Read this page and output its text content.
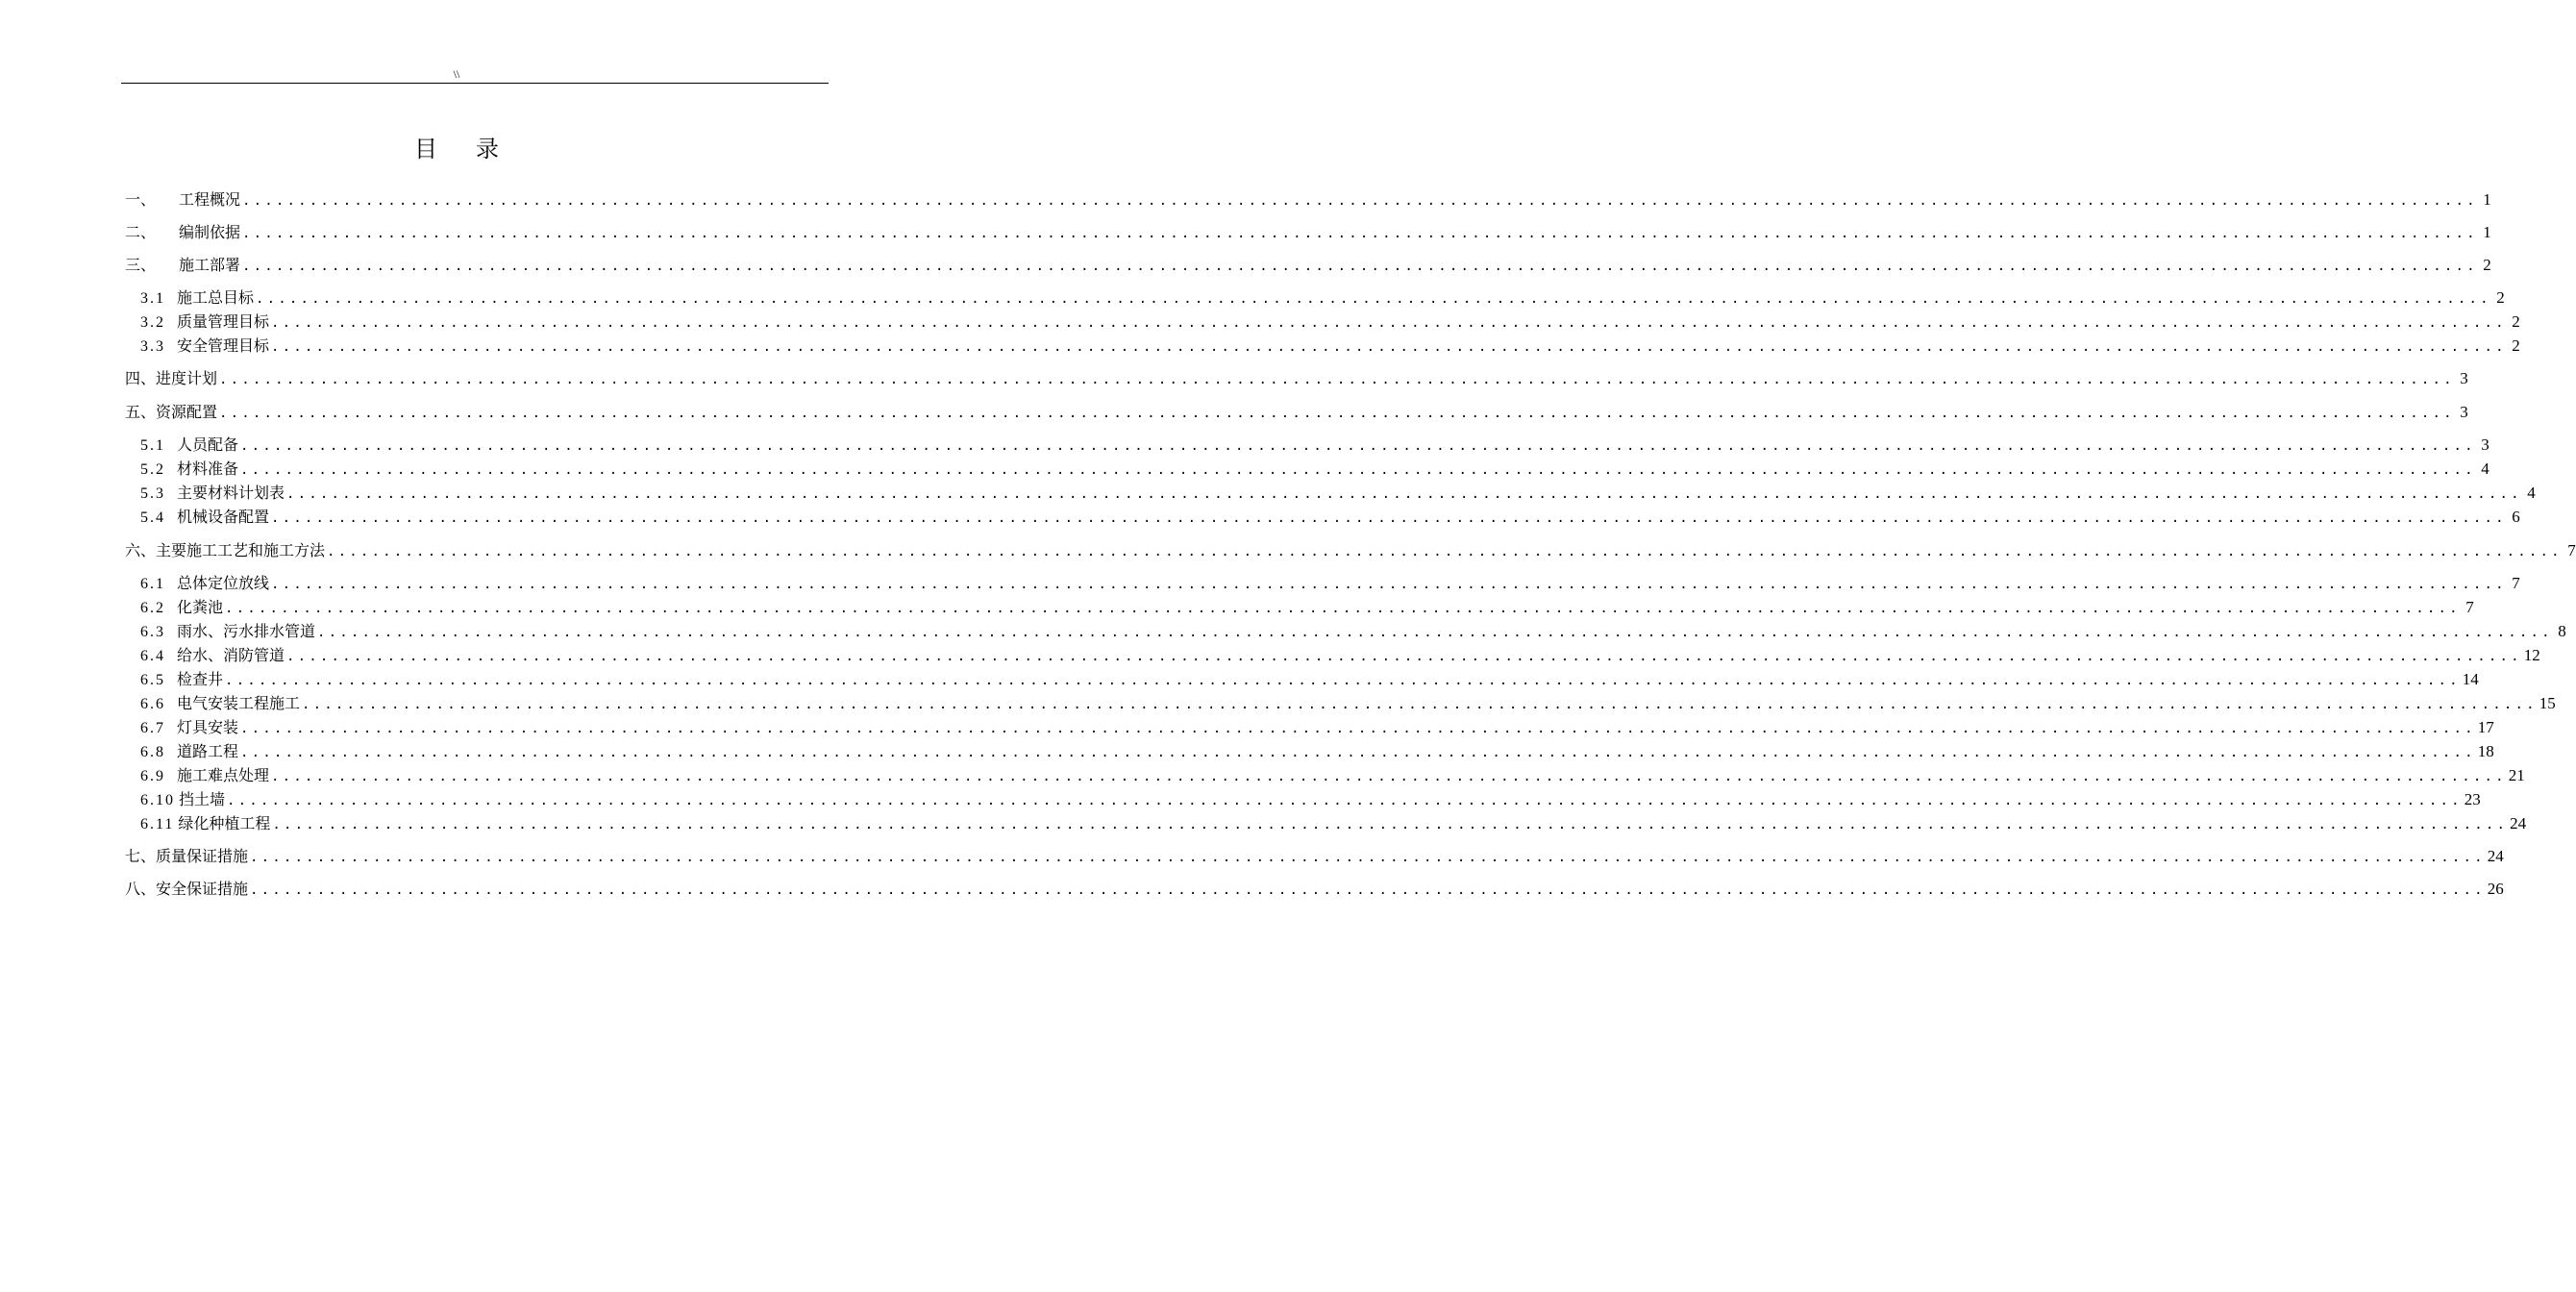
\\
目录
一、 工程概况 ........................................................................................................................................................................................................ 1
二、 编制依据 ........................................................................................................................................................................................................ 1
三、 施工部署 ........................................................................................................................................................................................................ 2
3.1 施工总目标 ........................................................................................................................................................................................................ 2
3.2 质量管理目标 ........................................................................................................................................................................................................ 2
3.3 安全管理目标 ........................................................................................................................................................................................................ 2
四、 进度计划 ........................................................................................................................................................................................................ 3
五、 资源配置 ........................................................................................................................................................................................................ 3
5.1 人员配备 ........................................................................................................................................................................................................ 3
5.2 材料准备 ........................................................................................................................................................................................................ 4
5.3 主要材料计划表 ........................................................................................................................................................................................................ 4
5.4 机械设备配置 ........................................................................................................................................................................................................ 6
六、 主要施工工艺和施工方法 ........................................................................................................................................................................................................ 7
6.1 总体定位放线 ........................................................................................................................................................................................................ 7
6.2 化粪池 ........................................................................................................................................................................................................ 7
6.3 雨水、污水排水管道 ........................................................................................................................................................................................................ 8
6.4 给水、消防管道 ........................................................................................................................................................................................................ 12
6.5 检查井 ........................................................................................................................................................................................................ 14
6.6 电气安装工程施工 ........................................................................................................................................................................................................ 15
6.7 灯具安装 ........................................................................................................................................................................................................ 17
6.8 道路工程 ........................................................................................................................................................................................................ 18
6.9 施工难点处理 ........................................................................................................................................................................................................ 21
6.10 挡土墙 ........................................................................................................................................................................................................ 23
6.11 绿化种植工程 ........................................................................................................................................................................................................ 24
七、 质量保证措施 ........................................................................................................................................................................................................ 24
八、 安全保证措施 ........................................................................................................................................................................................................ 26
